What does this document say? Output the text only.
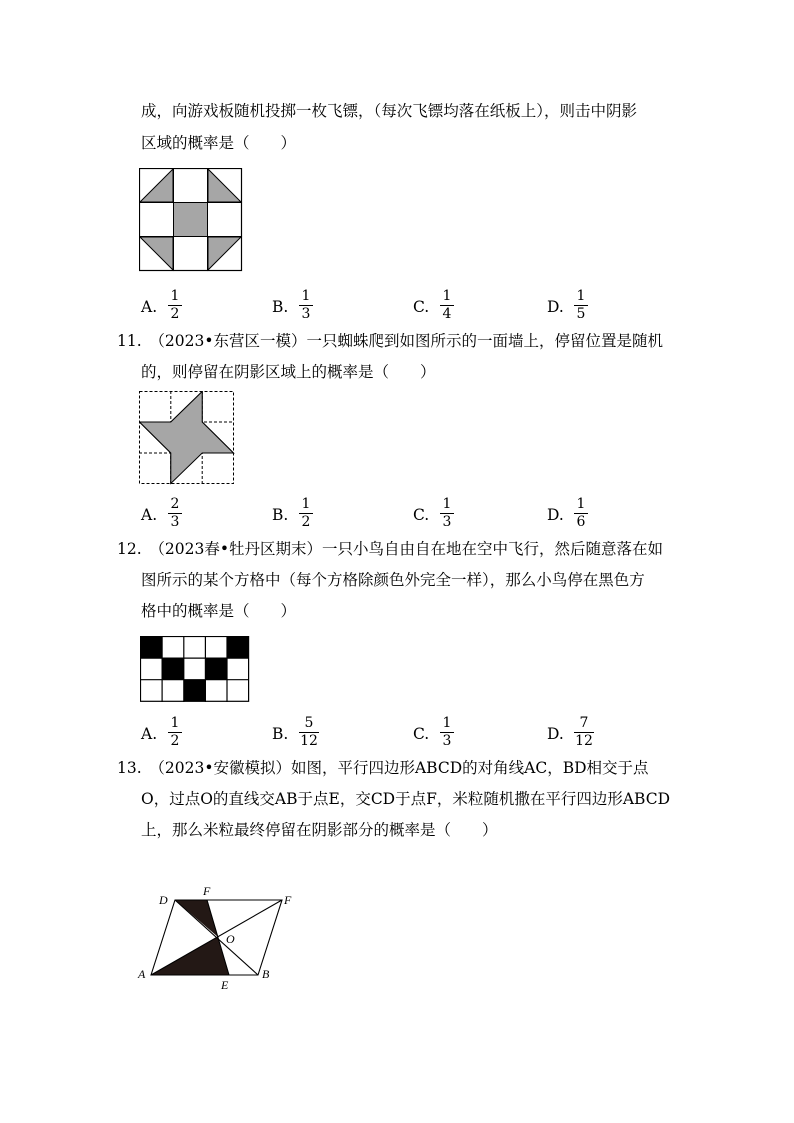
成，向游戏板随机投掷一枚飞镖，（每次飞镖均落在纸板上），则击中阴影
区域的概率是（　　）
A. $\frac{1}{2}$	B. $\frac{1}{3}$	C. $\frac{1}{4}$	D. $\frac{1}{5}$
11.　（2023•东营区一模）一只蜘蛛爬到如图所示的一面墙上，停留位置是随机
的，则停留在阴影区域上的概率是（　　）
A. $\frac{2}{3}$	B. $\frac{1}{2}$	C. $\frac{1}{3}$	D. $\frac{1}{6}$
12.　（2023春•牡丹区期末）一只小鸟自由自在地在空中飞行，然后随意落在如
图所示的某个方格中（每个方格除颜色外完全一样），那么小鸟停在黑色方
格中的概率是（　　）
A. $\frac{1}{2}$	B. $\frac{5}{12}$	C. $\frac{1}{3}$	D. $\frac{7}{12}$
13.　（2023•安徽模拟）如图，平行四边形ABCD的对角线AC，BD相交于点
O，过点O的直线交AB于点E，交CD于点F，米粒随机撒在平行四边形ABCD
上，那么米粒最终停留在阴影部分的概率是（　　）
D
F
F
O
A
E
B
